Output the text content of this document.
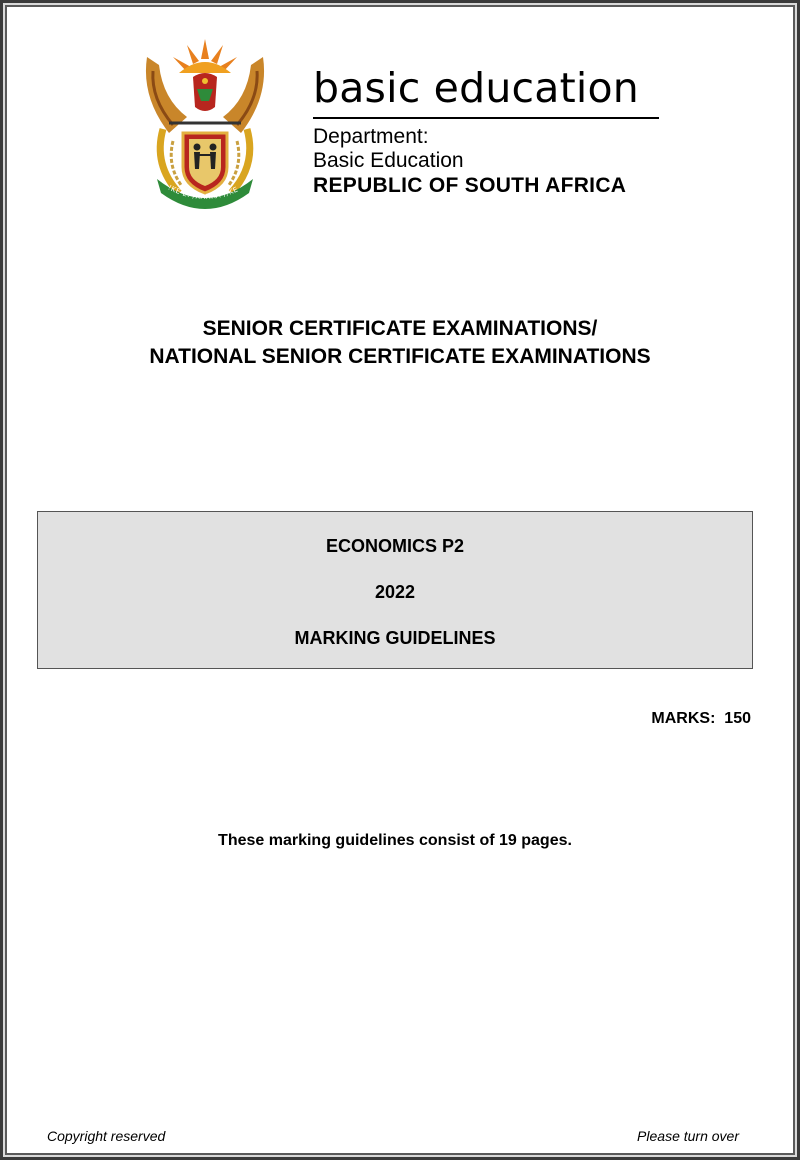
!KE E: /XARRA //KE
basic education
Department:
Basic Education
REPUBLIC OF SOUTH AFRICA
SENIOR CERTIFICATE EXAMINATIONS/
NATIONAL SENIOR CERTIFICATE EXAMINATIONS
ECONOMICS P2
2022
MARKING GUIDELINES
MARKS: 150
These marking guidelines consist of 19 pages.
Copyright reserved	Please turn over
